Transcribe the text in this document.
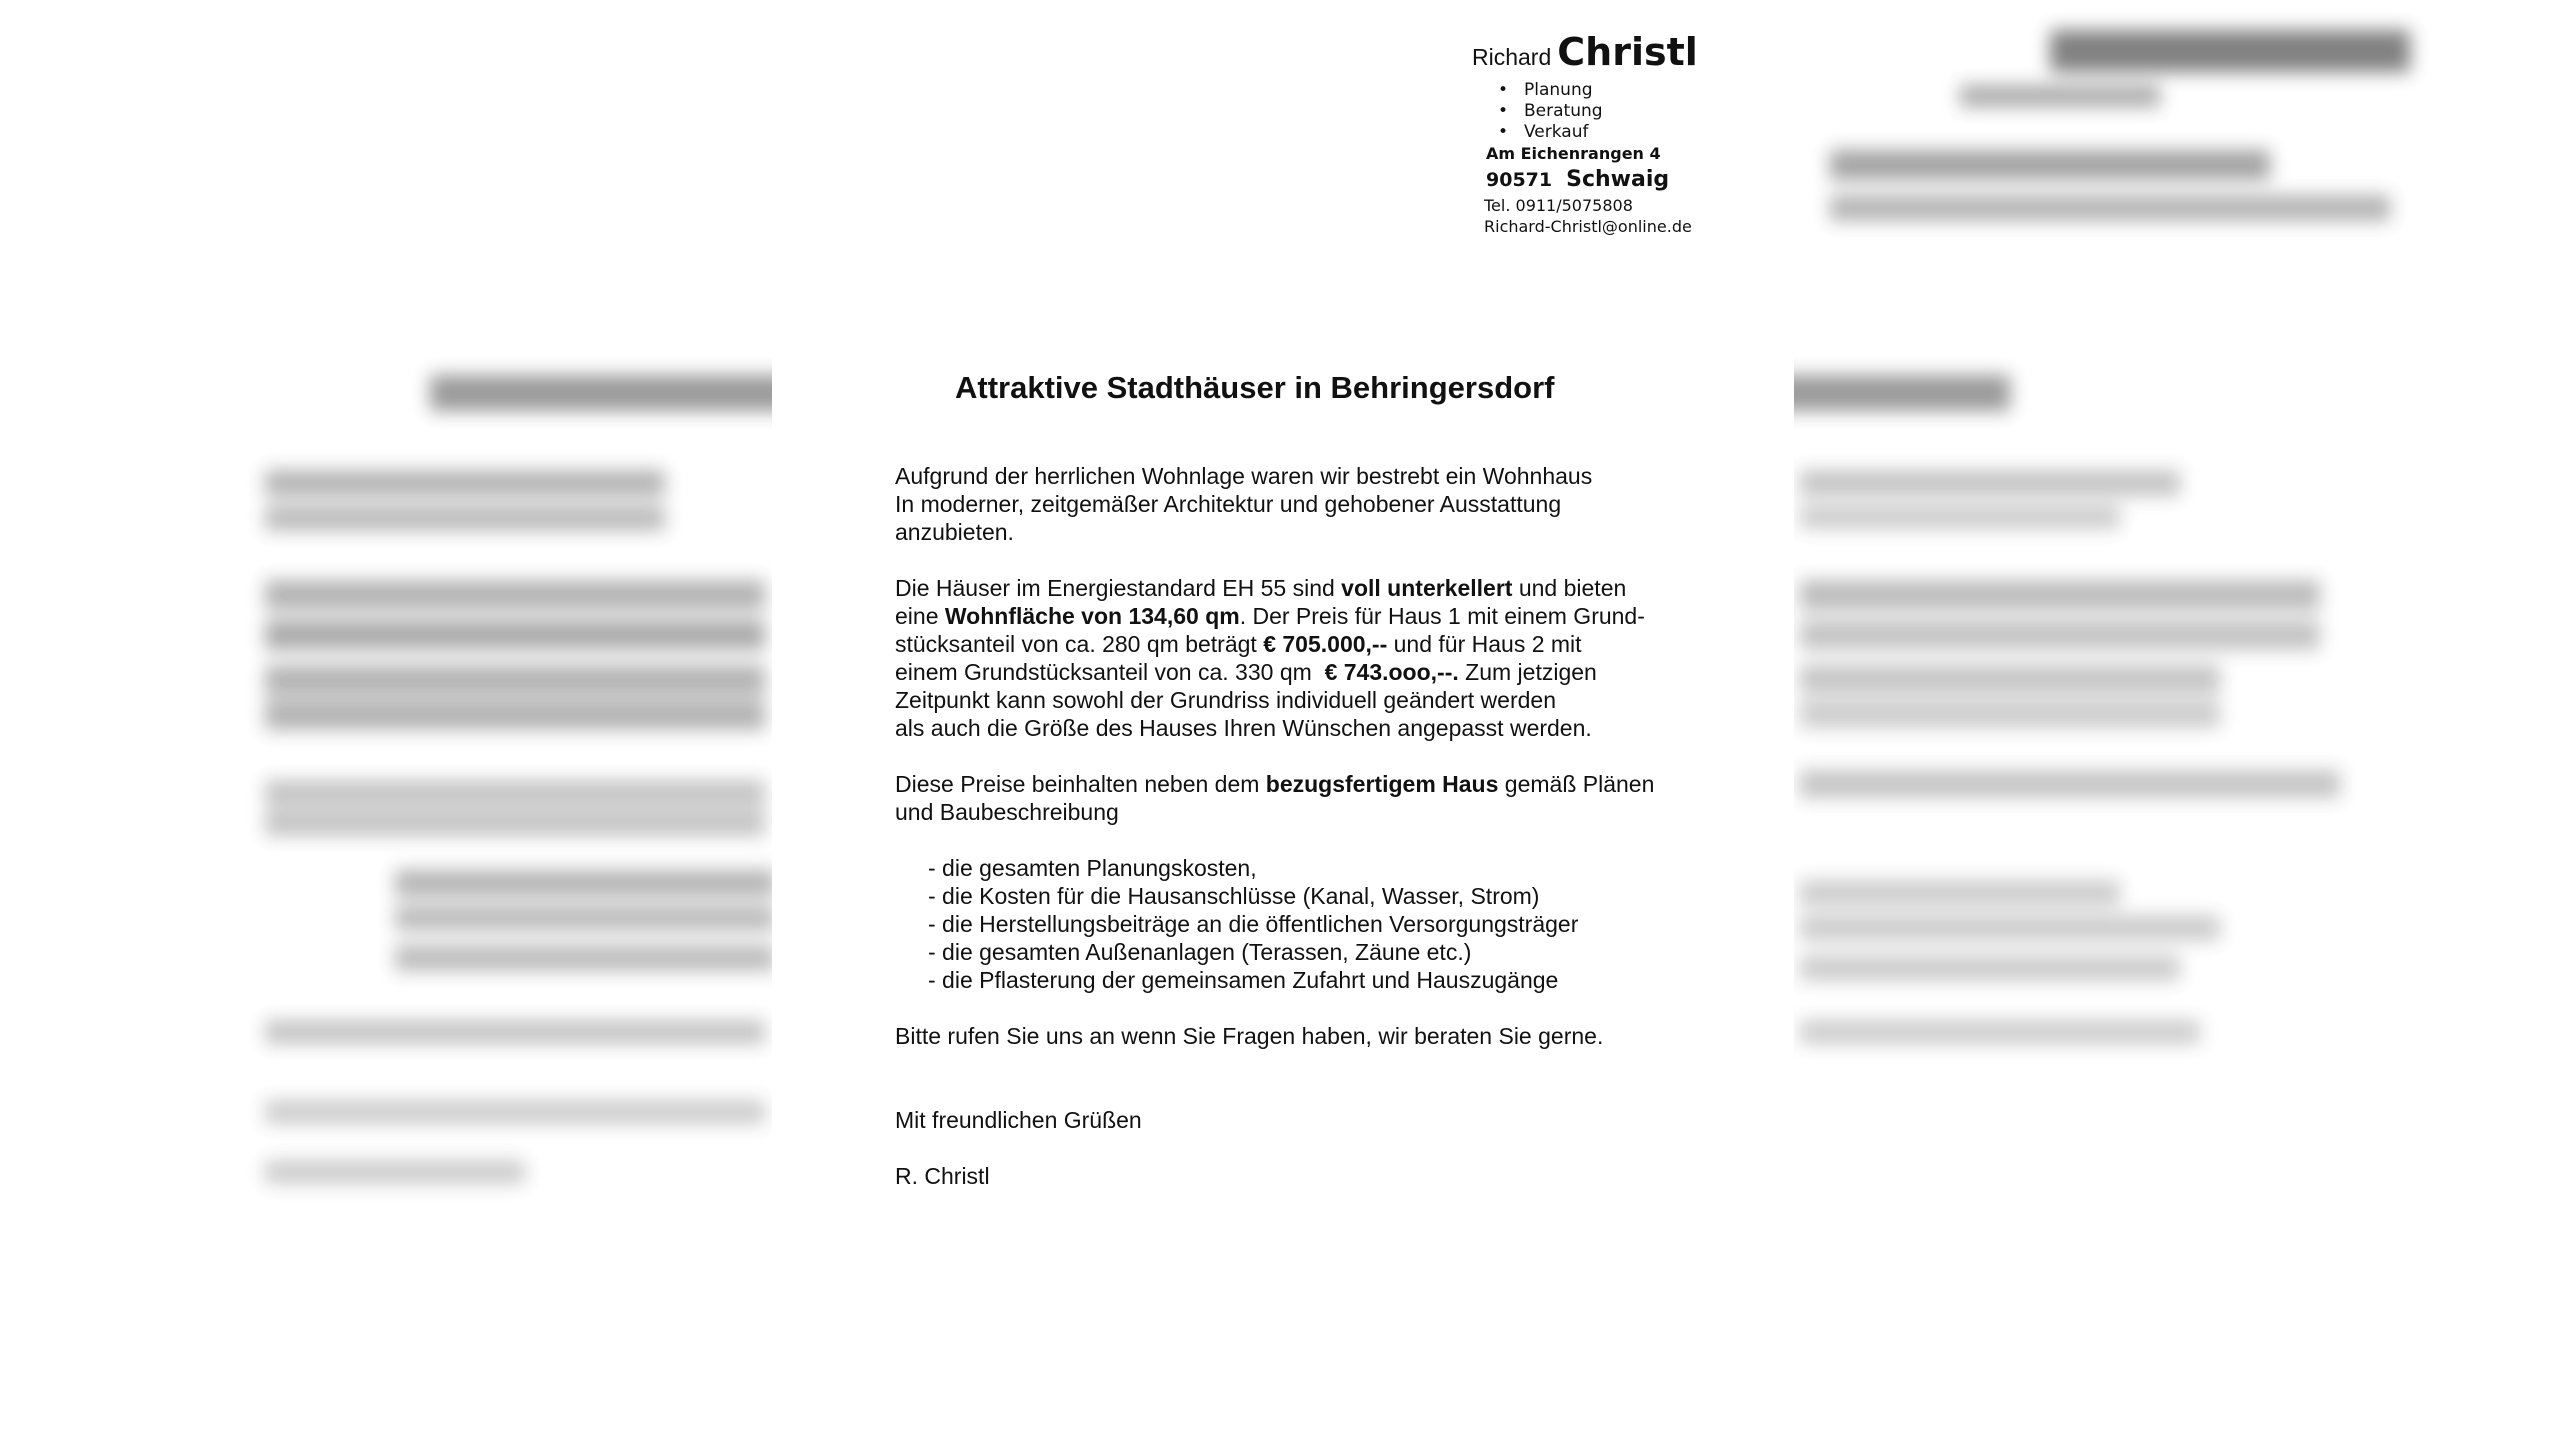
Richard Christl
• Planung
• Beratung
• Verkauf
Am Eichenrangen 4
90571 Schwaig
Tel. 0911/5075808
Richard-Christl@online.de
Attraktive Stadthäuser in Behringersdorf

Aufgrund der herrlichen Wohnlage waren wir bestrebt ein Wohnhaus
In moderner, zeitgemäßer Architektur und gehobener Ausstattung
anzubieten.

Die Häuser im Energiestandard EH 55 sind voll unterkellert und bieten
eine Wohnfläche von 134,60 qm. Der Preis für Haus 1 mit einem Grund-
stücksanteil von ca. 280 qm beträgt € 705.000,-- und für Haus 2 mit
einem Grundstücksanteil von ca. 330 qm  € 743.ooo,--. Zum jetzigen
Zeitpunkt kann sowohl der Grundriss individuell geändert werden
als auch die Größe des Hauses Ihren Wünschen angepasst werden.

Diese Preise beinhalten neben dem bezugsfertigem Haus gemäß Plänen
und Baubeschreibung

- die gesamten Planungskosten,
- die Kosten für die Hausanschlüsse (Kanal, Wasser, Strom)
- die Herstellungsbeiträge an die öffentlichen Versorgungsträger
- die gesamten Außenanlagen (Terassen, Zäune etc.)
- die Pflasterung der gemeinsamen Zufahrt und Hauszugänge

Bitte rufen Sie uns an wenn Sie Fragen haben, wir beraten Sie gerne.

Mit freundlichen Grüßen

R. Christl
